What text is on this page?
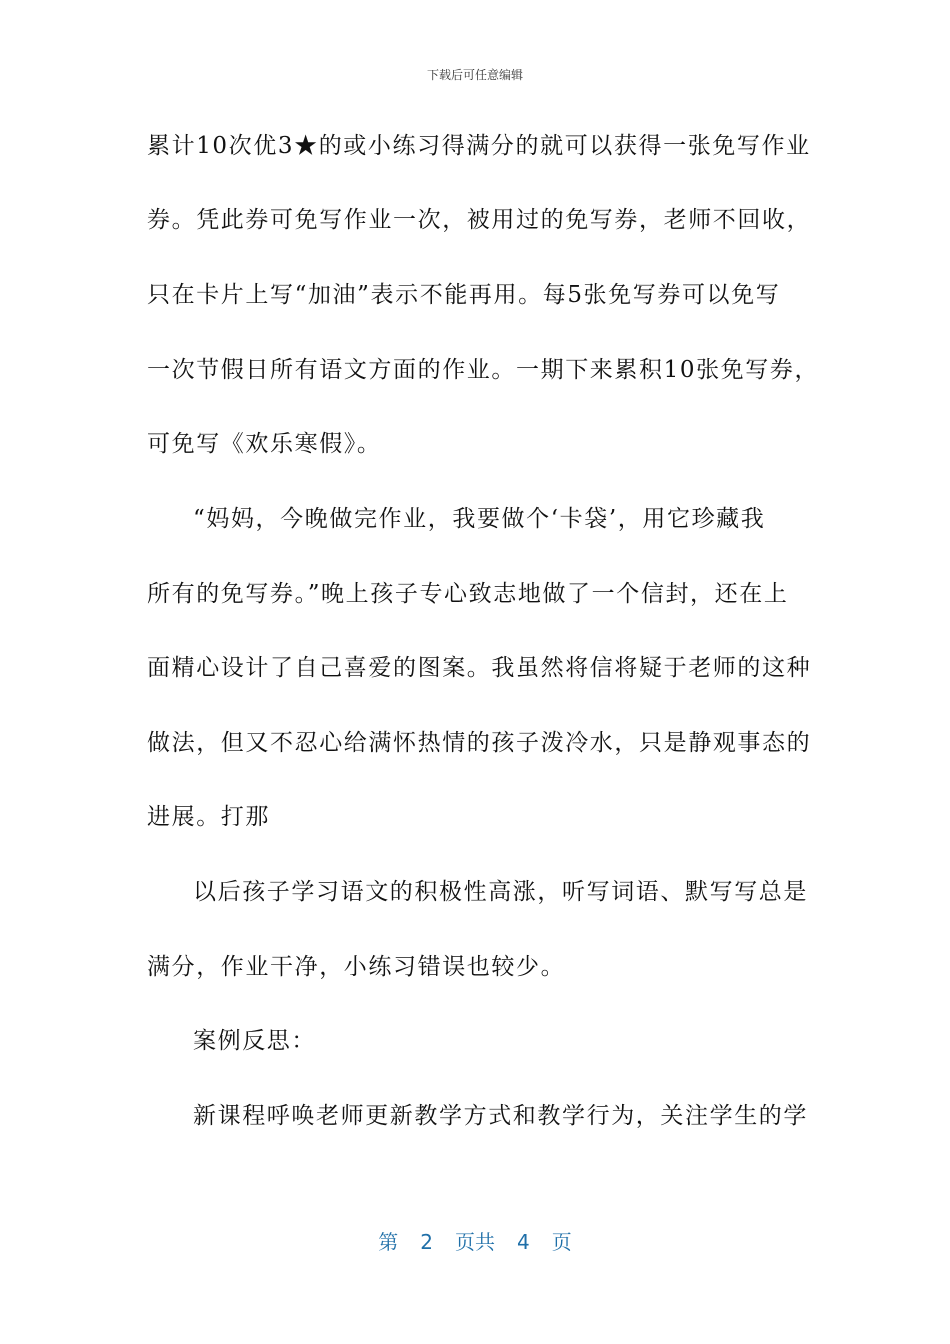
下载后可任意编辑
累计10次优3★的或小练习得满分的就可以获得一张免写作业
券。凭此券可免写作业一次，被用过的免写券，老师不回收，
只在卡片上写“加油”表示不能再用。每5张免写券可以免写
一次节假日所有语文方面的作业。一期下来累积10张免写券，
可免写《欢乐寒假》。
“妈妈，今晚做完作业，我要做个‘卡袋’，用它珍藏我
所有的免写券。”晚上孩子专心致志地做了一个信封，还在上
面精心设计了自己喜爱的图案。我虽然将信将疑于老师的这种
做法，但又不忍心给满怀热情的孩子泼冷水，只是静观事态的
进展。打那
以后孩子学习语文的积极性高涨，听写词语、默写写总是
满分，作业干净，小练习错误也较少。
案例反思：
新课程呼唤老师更新教学方式和教学行为，关注学生的学
第 2 页共 4 页
